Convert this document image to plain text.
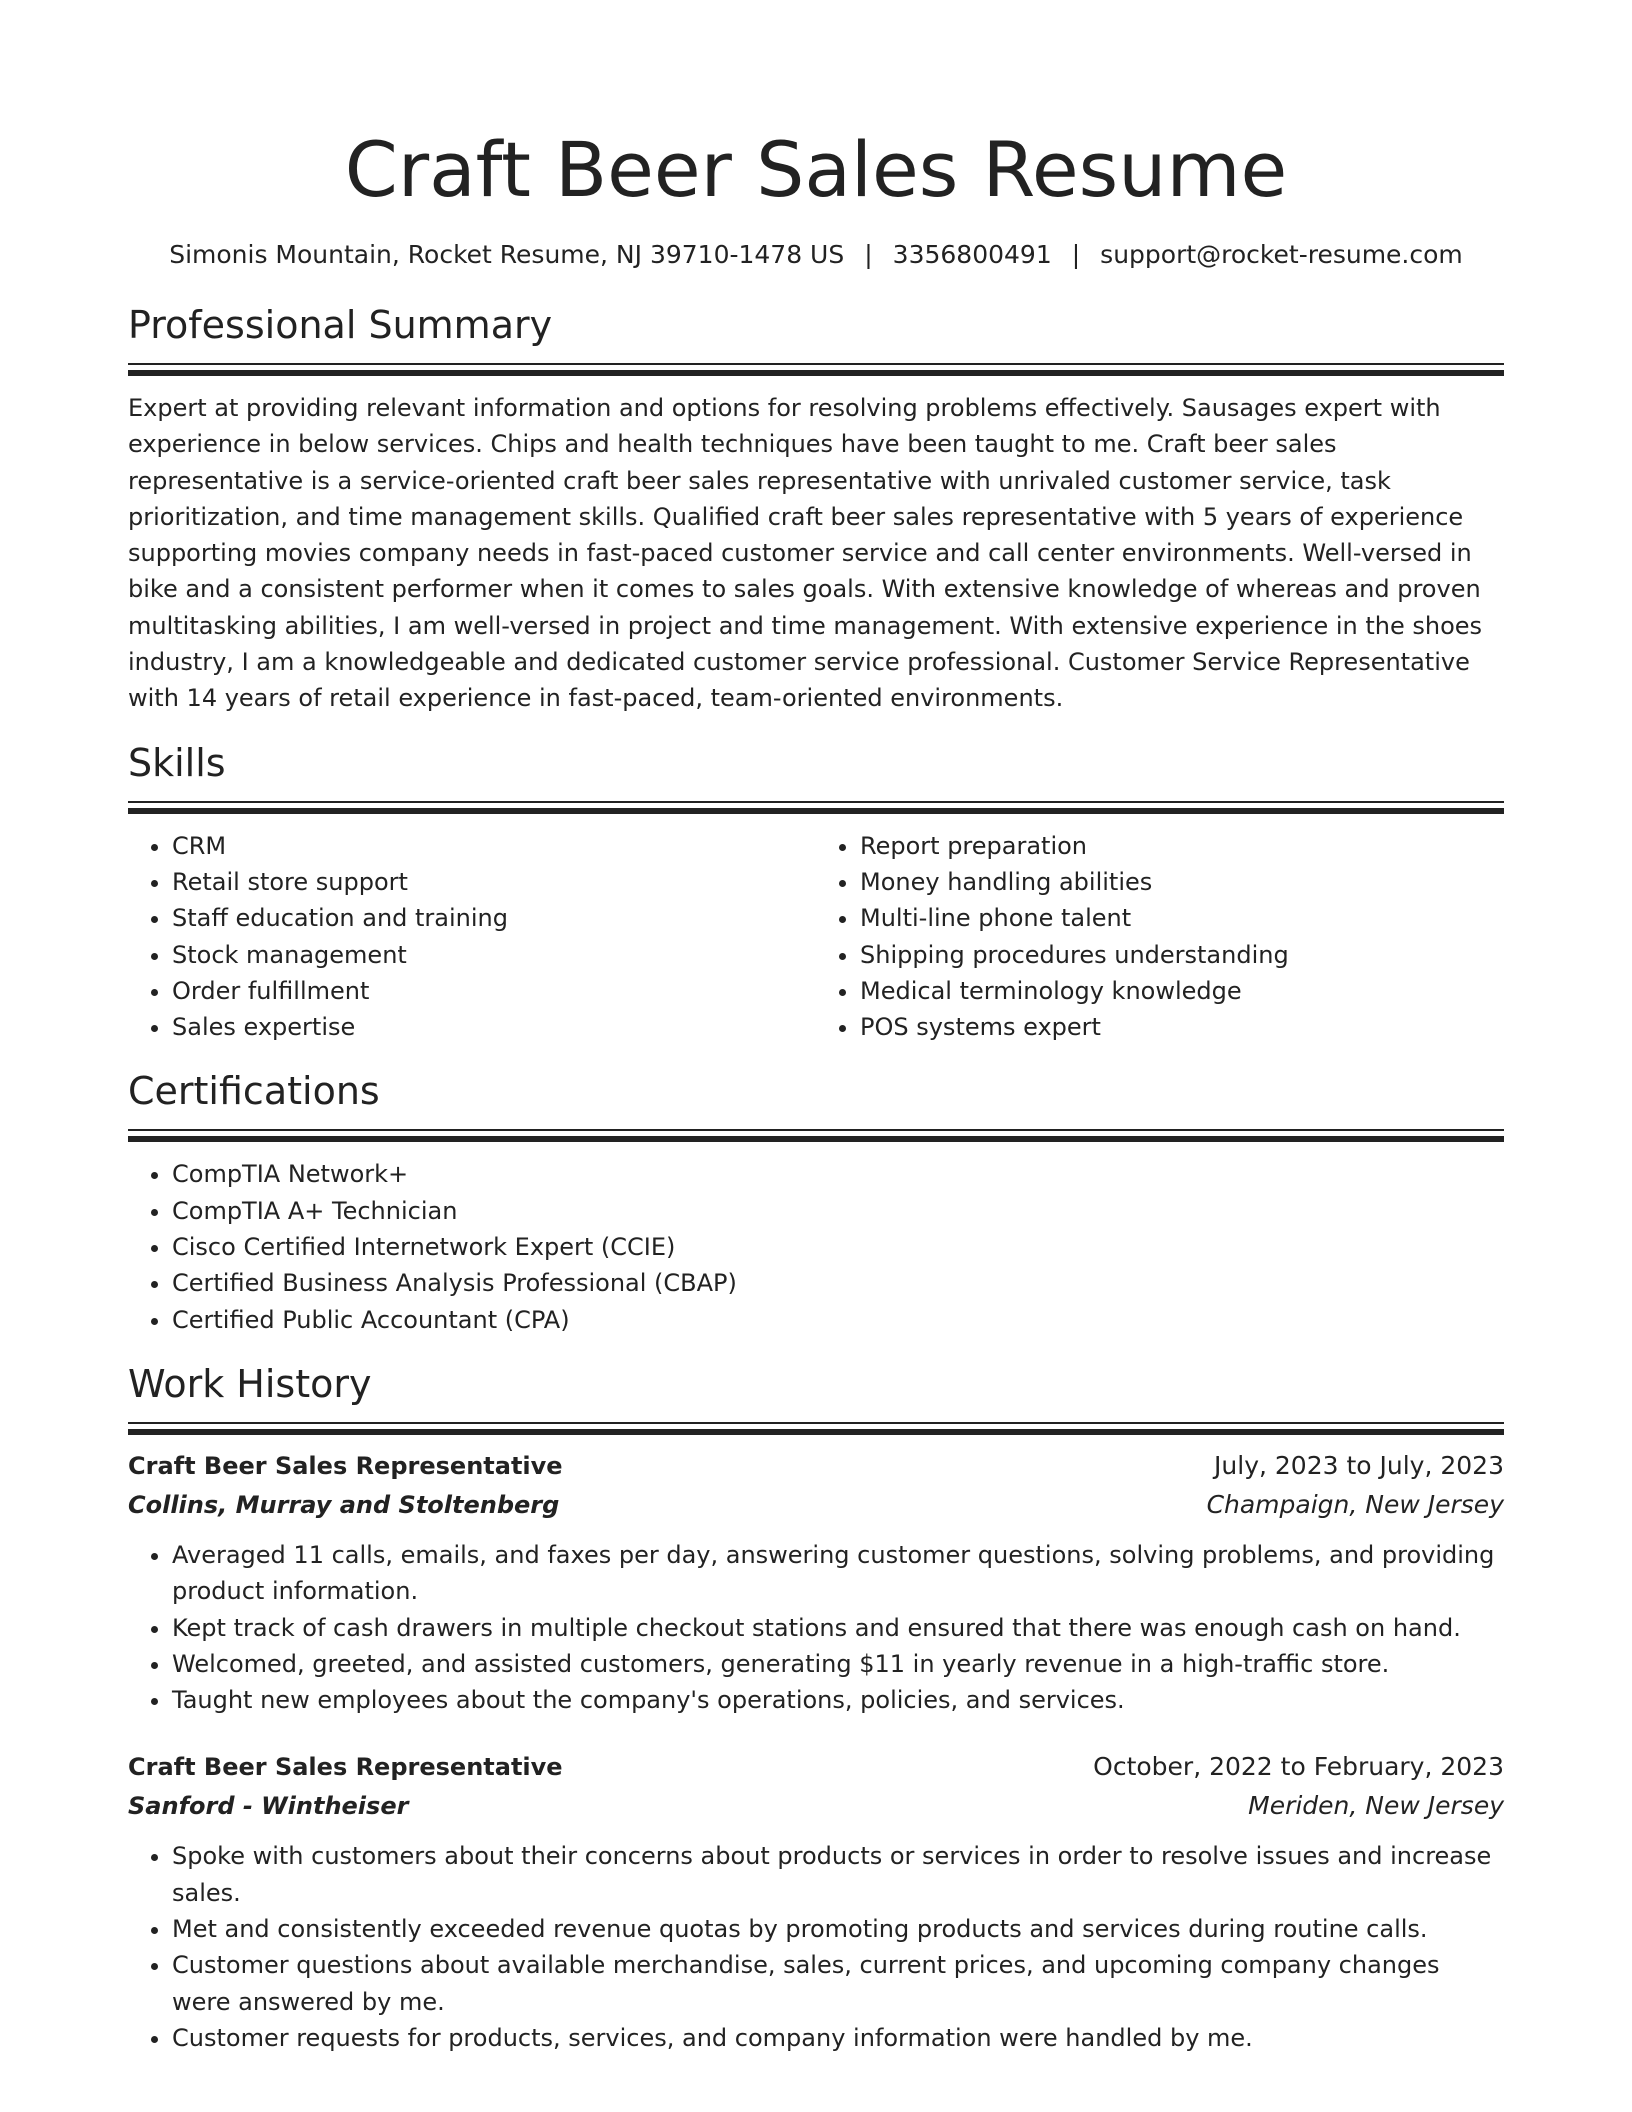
Craft Beer Sales Resume
Simonis Mountain, Rocket Resume, NJ 39710-1478 US | 3356800491 | support@rocket-resume.com
Professional Summary

Expert at providing relevant information and options for resolving problems effectively. Sausages expert with experience in below services. Chips and health techniques have been taught to me. Craft beer sales representative is a service-oriented craft beer sales representative with unrivaled customer service, task prioritization, and time management skills. Qualified craft beer sales representative with 5 years of experience supporting movies company needs in fast-paced customer service and call center environments. Well-versed in bike and a consistent performer when it comes to sales goals. With extensive knowledge of whereas and proven multitasking abilities, I am well-versed in project and time management. With extensive experience in the shoes industry, I am a knowledgeable and dedicated customer service professional. Customer Service Representative with 14 years of retail experience in fast-paced, team-oriented environments.

Skills
• CRM
• Retail store support
• Staff education and training
• Stock management
• Order fulfillment
• Sales expertise
• Report preparation
• Money handling abilities
• Multi-line phone talent
• Shipping procedures understanding
• Medical terminology knowledge
• POS systems expert
Certifications
• CompTIA Network+
• CompTIA A+ Technician
• Cisco Certified Internetwork Expert (CCIE)
• Certified Business Analysis Professional (CBAP)
• Certified Public Accountant (CPA)
Work History
Craft Beer Sales Representative	July, 2023 to July, 2023
Collins, Murray and Stoltenberg	Champaign, New Jersey
• Averaged 11 calls, emails, and faxes per day, answering customer questions, solving problems, and providing product information.
• Kept track of cash drawers in multiple checkout stations and ensured that there was enough cash on hand.
• Welcomed, greeted, and assisted customers, generating $11 in yearly revenue in a high-traffic store.
• Taught new employees about the company's operations, policies, and services.
Craft Beer Sales Representative	October, 2022 to February, 2023
Sanford - Wintheiser	Meriden, New Jersey
• Spoke with customers about their concerns about products or services in order to resolve issues and increase sales.
• Met and consistently exceeded revenue quotas by promoting products and services during routine calls.
• Customer questions about available merchandise, sales, current prices, and upcoming company changes were answered by me.
• Customer requests for products, services, and company information were handled by me.
